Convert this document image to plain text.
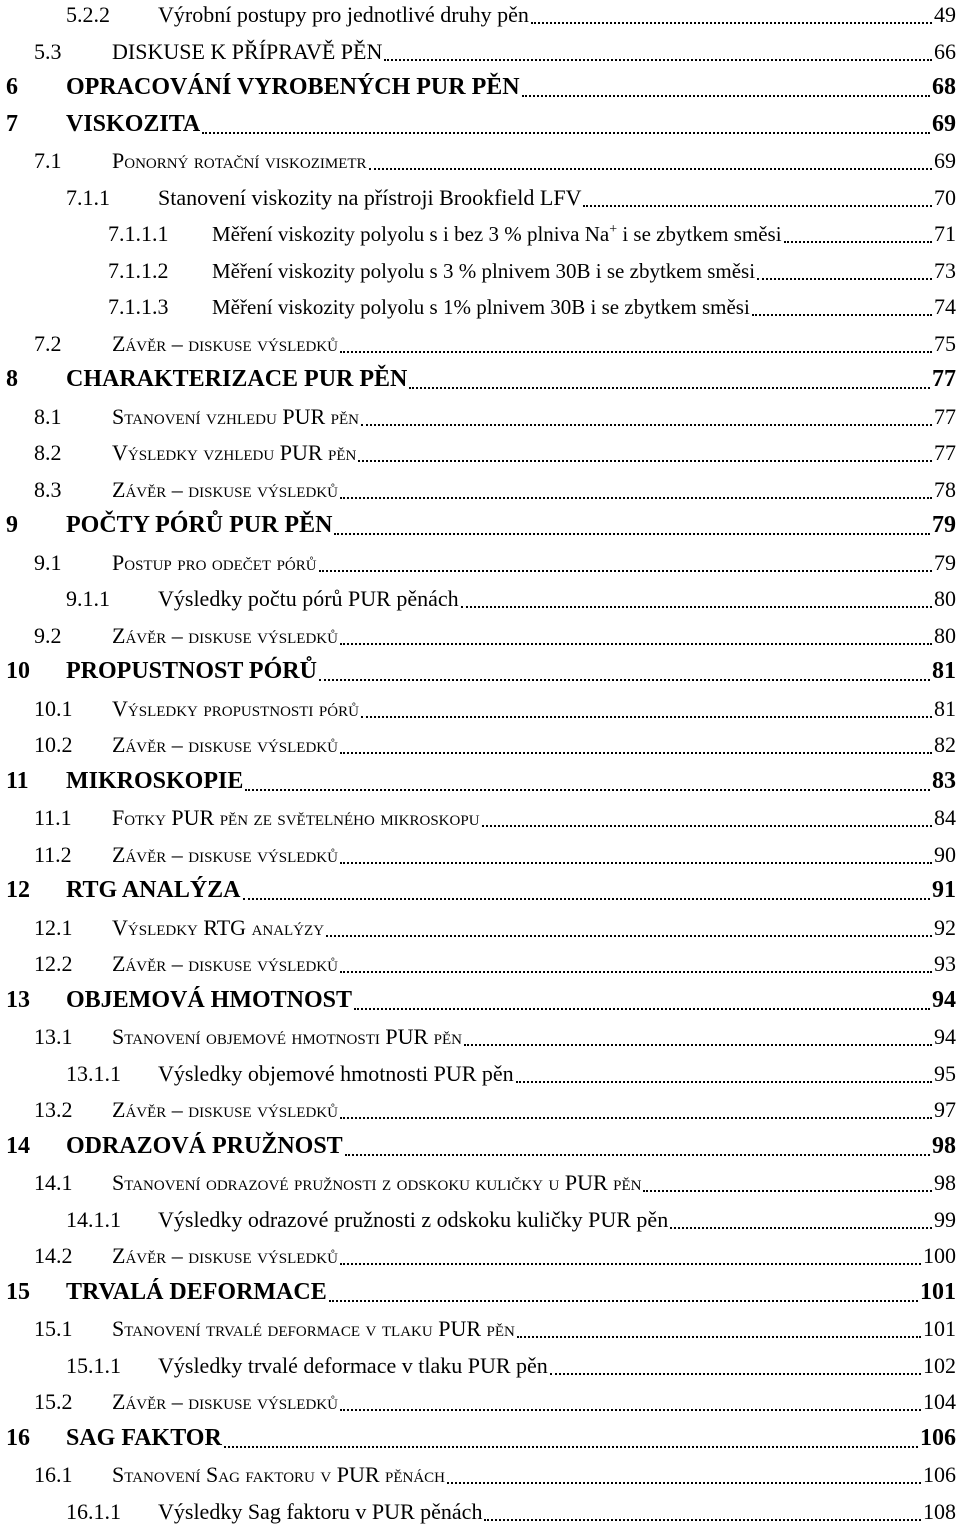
5.2.2 Výrobní postupy pro jednotlivé druhy pěn	49
5.3 DISKUSE K PŘÍPRAVĚ PĚN	66
6 OPRACOVÁNÍ VYROBENÝCH PUR PĚN	68
7 VISKOZITA	69
7.1 Ponorný rotační viskozimetr	69
7.1.1 Stanovení viskozity na přístroji Brookfield LFV	70
7.1.1.1 Měření viskozity polyolu s i bez 3 % plniva Na+ i se zbytkem směsi	71
7.1.1.2 Měření viskozity polyolu s 3 % plnivem 30B i se zbytkem směsi	73
7.1.1.3 Měření viskozity polyolu s 1% plnivem 30B i se zbytkem směsi	74
7.2 Závěr – diskuse výsledků	75
8 CHARAKTERIZACE PUR PĚN	77
8.1 Stanovení vzhledu PUR pěn	77
8.2 Výsledky vzhledu PUR pěn	77
8.3 Závěr – diskuse výsledků	78
9 POČTY PÓRŮ PUR PĚN	79
9.1 Postup pro odečet pórů	79
9.1.1 Výsledky počtu pórů PUR pěnách	80
9.2 Závěr – diskuse výsledků	80
10 PROPUSTNOST PÓRŮ	81
10.1 Výsledky propustnosti pórů	81
10.2 Závěr – diskuse výsledků	82
11 MIKROSKOPIE	83
11.1 Fotky PUR pěn ze světelného mikroskopu	84
11.2 Závěr – diskuse výsledků	90
12 RTG ANALÝZA	91
12.1 Výsledky RTG analýzy	92
12.2 Závěr – diskuse výsledků	93
13 OBJEMOVÁ HMOTNOST	94
13.1 Stanovení objemové hmotnosti PUR pěn	94
13.1.1 Výsledky objemové hmotnosti PUR pěn	95
13.2 Závěr – diskuse výsledků	97
14 ODRAZOVÁ PRUŽNOST	98
14.1 Stanovení odrazové pružnosti z odskoku kuličky u PUR pěn	98
14.1.1 Výsledky odrazové pružnosti z odskoku kuličky PUR pěn	99
14.2 Závěr – diskuse výsledků	100
15 TRVALÁ DEFORMACE	101
15.1 Stanovení trvalé deformace v tlaku PUR pěn	101
15.1.1 Výsledky trvalé deformace v tlaku PUR pěn	102
15.2 Závěr – diskuse výsledků	104
16 SAG FAKTOR	106
16.1 Stanovení Sag faktoru v PUR pěnách	106
16.1.1 Výsledky Sag faktoru v PUR pěnách	108
